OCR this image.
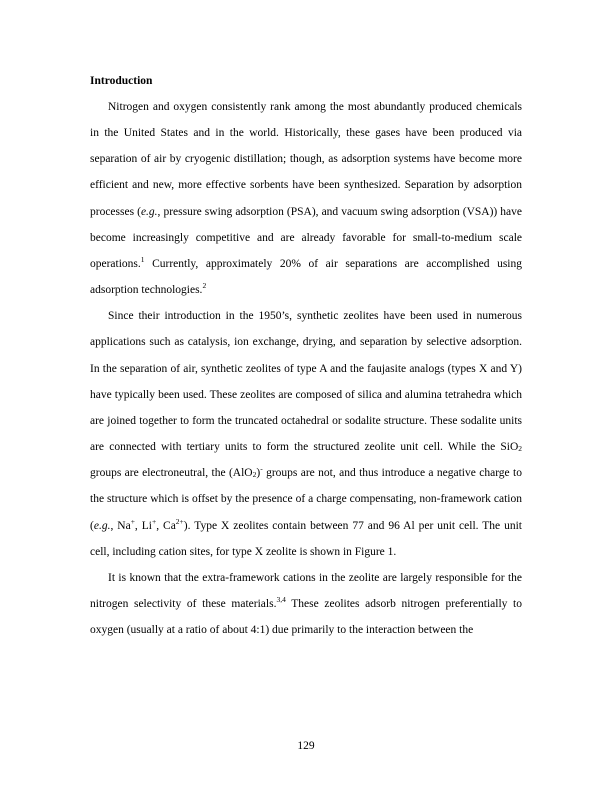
Introduction

Nitrogen and oxygen consistently rank among the most abundantly produced chemicals in the United States and in the world. Historically, these gases have been produced via separation of air by cryogenic distillation; though, as adsorption systems have become more efficient and new, more effective sorbents have been synthesized. Separation by adsorption processes (e.g., pressure swing adsorption (PSA), and vacuum swing adsorption (VSA)) have become increasingly competitive and are already favorable for small-to-medium scale operations.$^1$ Currently, approximately 20% of air separations are accomplished using adsorption technologies.$^2$

Since their introduction in the 1950’s, synthetic zeolites have been used in numerous applications such as catalysis, ion exchange, drying, and separation by selective adsorption. In the separation of air, synthetic zeolites of type A and the faujasite analogs (types X and Y) have typically been used. These zeolites are composed of silica and alumina tetrahedra which are joined together to form the truncated octahedral or sodalite structure. These sodalite units are connected with tertiary units to form the structured zeolite unit cell. While the SiO$_2$ groups are electroneutral, the (AlO$_2$)- groups are not, and thus introduce a negative charge to the structure which is offset by the presence of a charge compensating, non-framework cation (e.g., Na+, Li+, $Ca^{2+}$). Type X zeolites contain between 77 and 96 Al per unit cell. The unit cell, including cation sites, for type X zeolite is shown in Figure 1.

It is known that the extra-framework cations in the zeolite are largely responsible for the nitrogen selectivity of these materials.$^{3,4}$ These zeolites adsorb nitrogen preferentially to oxygen (usually at a ratio of about 4:1) due primarily to the interaction between the

129
